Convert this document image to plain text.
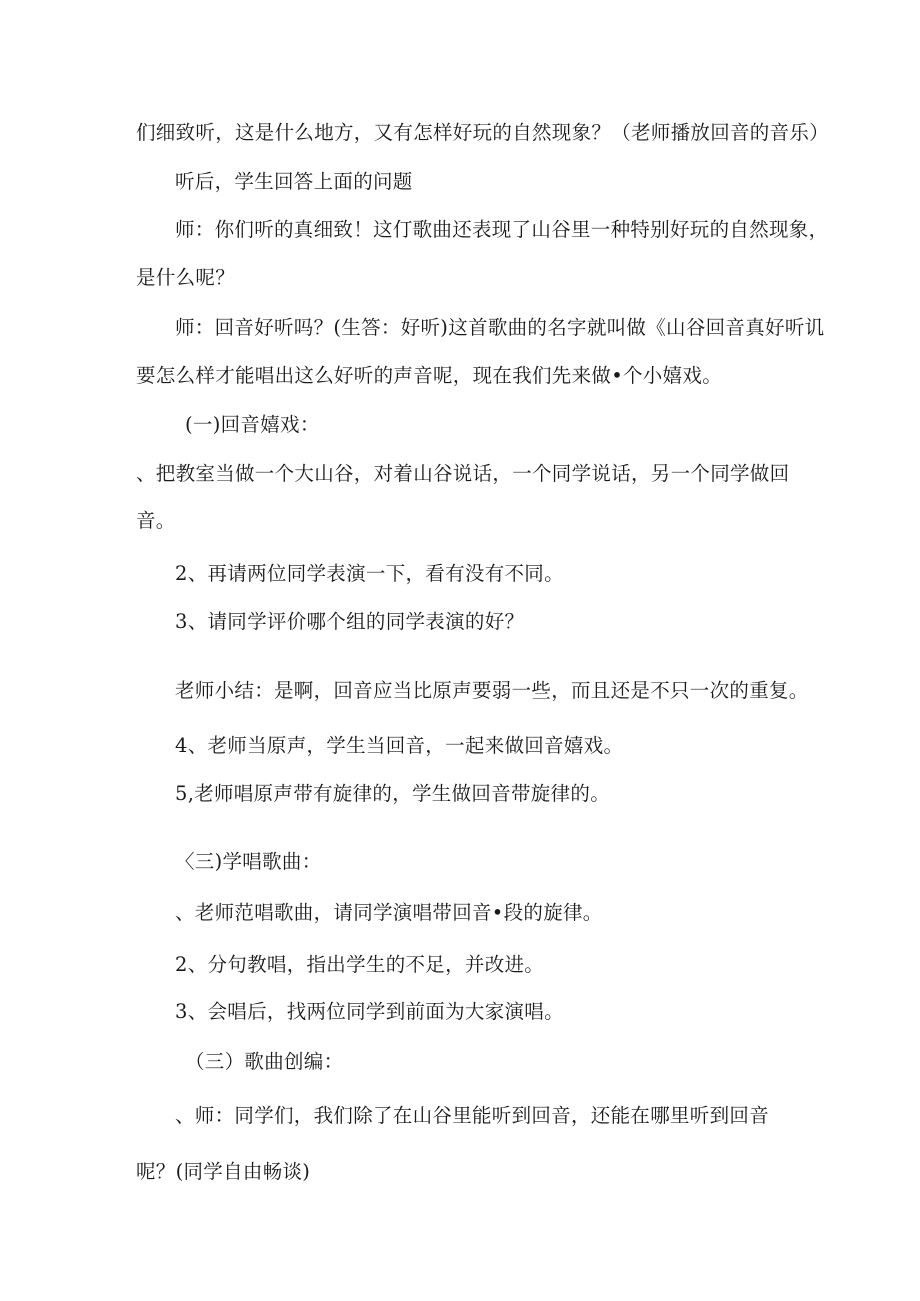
们细致听，这是什么地方，又有怎样好玩的自然现象？（老师播放回音的音乐）
听后，学生回答上面的问题
师：你们听的真细致！这仃歌曲还表现了山谷里一种特别好玩的自然现象，
是什么呢？
师：回音好听吗？(生答：好听)这首歌曲的名字就叫做《山谷回音真好听讥
要怎么样才能唱出这么好听的声音呢，现在我们先来做•个小嬉戏。
(一)回音嬉戏：
、把教室当做一个大山谷，对着山谷说话，一个同学说话，另一个同学做回
音。
2、再请两位同学表演一下，看有没有不同。
3、请同学评价哪个组的同学表演的好？
老师小结：是啊，回音应当比原声要弱一些，而且还是不只一次的重复。
4、老师当原声，学生当回音，一起来做回音嬉戏。
5,老师唱原声带有旋律的，学生做回音带旋律的。
〈三)学唱歌曲：
、老师范唱歌曲，请同学演唱带回音•段的旋律。
2、分句教唱，指出学生的不足，并改进。
3、会唱后，找两位同学到前面为大家演唱。
（三）歌曲创编：
、师：同学们，我们除了在山谷里能听到回音，还能在哪里听到回音
呢？(同学自由畅谈)
